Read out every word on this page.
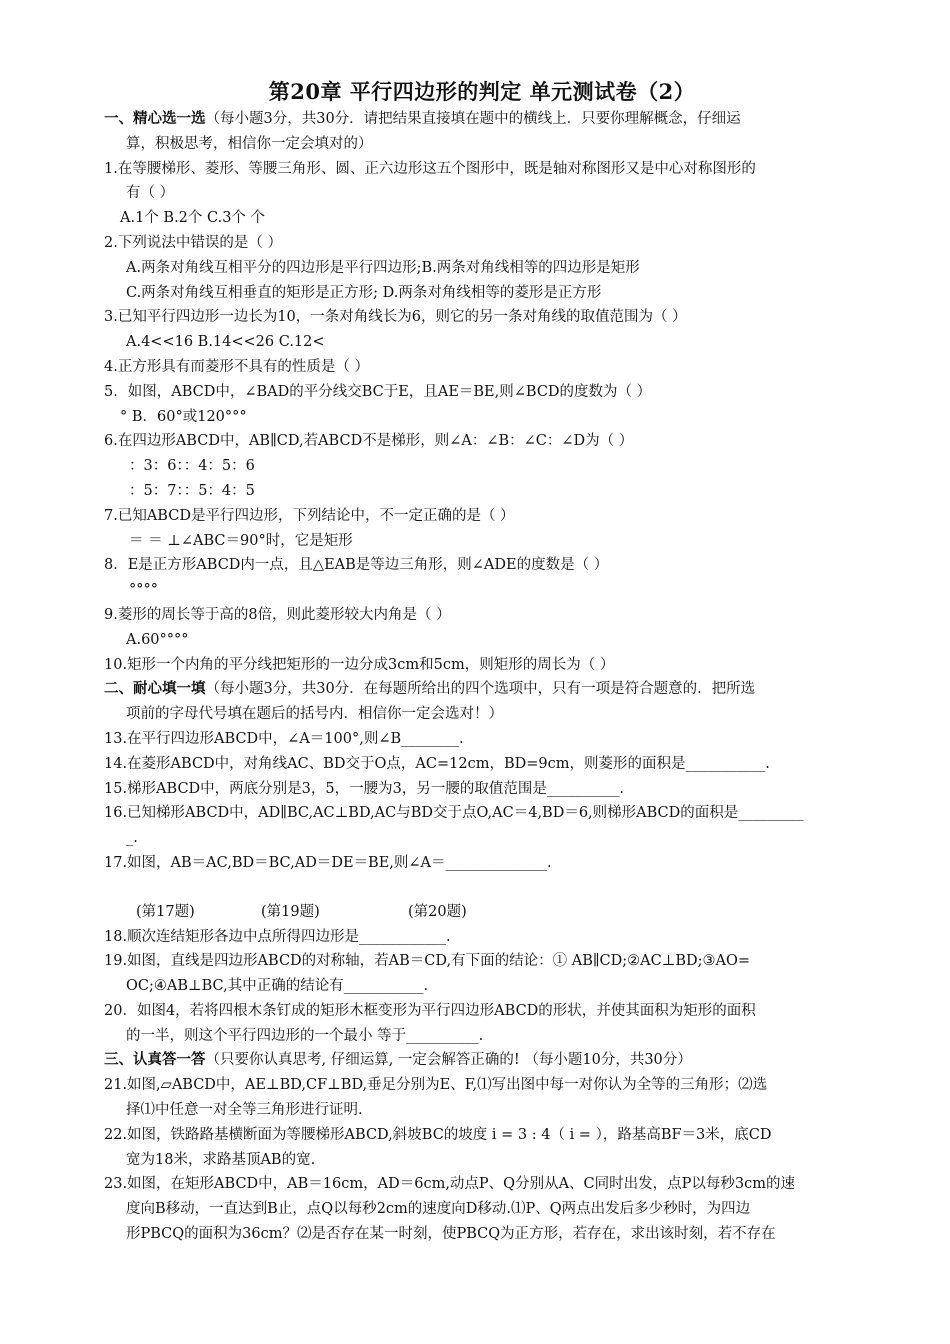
第20章 平行四边形的判定 单元测试卷（2）
一、精心选一选（每小题3分，共30分．请把结果直接填在题中的横线上．只要你理解概念，仔细运
算，积极思考，相信你一定会填对的）
1.在等腰梯形、菱形、等腰三角形、圆、正六边形这五个图形中，既是轴对称图形又是中心对称图形的
有（ ）
A.1个 B.2个 C.3个 个
2.下列说法中错误的是（ ）
A.两条对角线互相平分的四边形是平行四边形;B.两条对角线相等的四边形是矩形
C.两条对角线互相垂直的矩形是正方形; D.两条对角线相等的菱形是正方形
3.已知平行四边形一边长为10，一条对角线长为6，则它的另一条对角线的取值范围为（ ）
A.4<<16 B.14<<26 C.12<
4.正方形具有而菱形不具有的性质是（ ）
5．如图，ABCD中，∠BAD的平分线交BC于E，且AE＝BE,则∠BCD的度数为（ ）
° B．60°或120°°°
6.在四边形ABCD中，AB∥CD,若ABCD不是梯形，则∠A：∠B：∠C：∠D为（ ）
：3：6：：4：5：6
：5：7：：5：4：5
7.已知ABCD是平行四边形，下列结论中，不一定正确的是（ ）
＝ ＝ ⊥∠ABC＝90°时，它是矩形
8．E是正方形ABCD内一点，且△EAB是等边三角形，则∠ADE的度数是（ ）
°°°°
9.菱形的周长等于高的8倍，则此菱形较大内角是（ ）
A.60°°°°
10.矩形一个内角的平分线把矩形的一边分成3cm和5cm，则矩形的周长为（ ）
二、耐心填一填（每小题3分，共30分．在每题所给出的四个选项中，只有一项是符合题意的．把所选
项前的字母代号填在题后的括号内．相信你一定会选对！）
13.在平行四边形ABCD中，∠A＝100°,则∠B________.
14.在菱形ABCD中，对角线AC、BD交于O点，AC=12cm，BD=9cm，则菱形的面积是___________.
15.梯形ABCD中，两底分别是3，5，一腰为3，另一腰的取值范围是__________.
16.已知梯形ABCD中，AD∥BC,AC⊥BD,AC与BD交于点O,AC＝4,BD＝6,则梯形ABCD的面积是_________
_.
17.如图，AB＝AC,BD＝BC,AD＝DE＝BE,则∠A＝______________.
(第17题)	(第19题)	(第20题)
18.顺次连结矩形各边中点所得四边形是____________.
19.如图，直线是四边形ABCD的对称轴，若AB＝CD,有下面的结论：① AB∥CD;②AC⊥BD;③AO=
OC;④AB⊥BC,其中正确的结论有___________.
20．如图4，若将四根木条钉成的矩形木框变形为平行四边形ABCD的形状，并使其面积为矩形的面积
的一半，则这个平行四边形的一个最小 等于__________.
三、认真答一答（只要你认真思考, 仔细运算, 一定会解答正确的! （每小题10分，共30分）
21.如图,▱ABCD中，AE⊥BD,CF⊥BD,垂足分别为E、F,⑴写出图中每一对你认为全等的三角形；⑵选
择⑴中任意一对全等三角形进行证明.
22.如图，铁路路基横断面为等腰梯形ABCD,斜坡BC的坡度 i = 3 : 4（ i = ），路基高BF＝3米，底CD
宽为18米，求路基顶AB的宽.
23.如图，在矩形ABCD中，AB＝16cm，AD＝6cm,动点P、Q分别从A、C同时出发，点P以每秒3cm的速
度向B移动，一直达到B止，点Q以每秒2cm的速度向D移动.⑴P、Q两点出发后多少秒时，为四边
形PBCQ的面积为36cm？⑵是否存在某一时刻，使PBCQ为正方形，若存在，求出该时刻，若不存在
